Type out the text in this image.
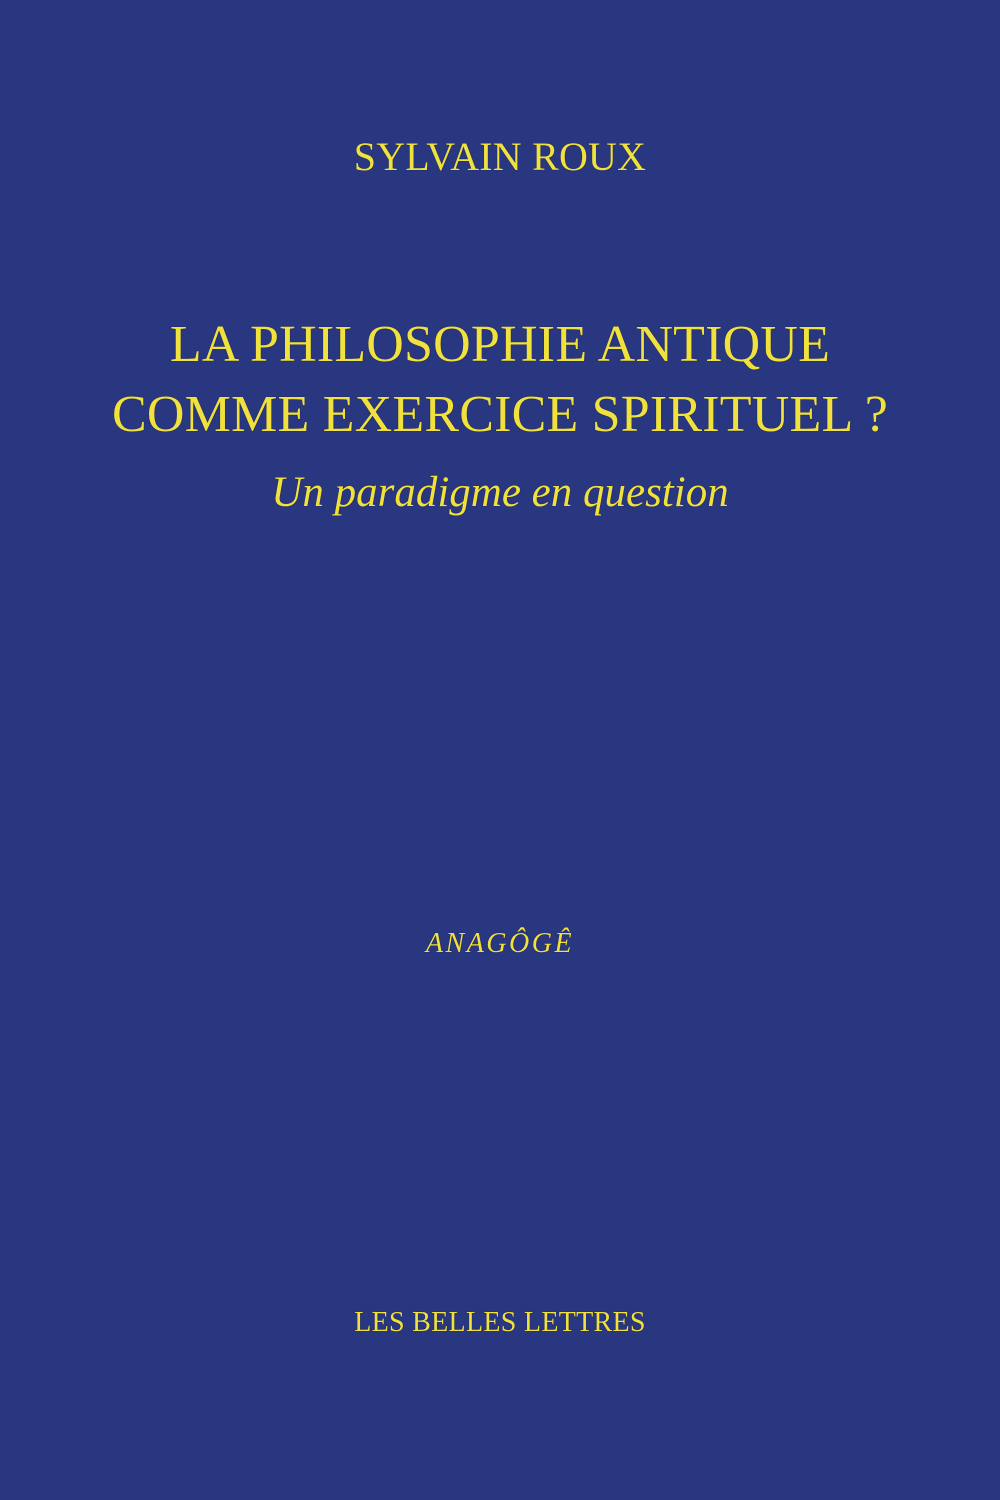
SYLVAIN ROUX
LA PHILOSOPHIE ANTIQUE
COMME EXERCICE SPIRITUEL ?
Un paradigme en question
ANAGÔGÊ
LES BELLES LETTRES
